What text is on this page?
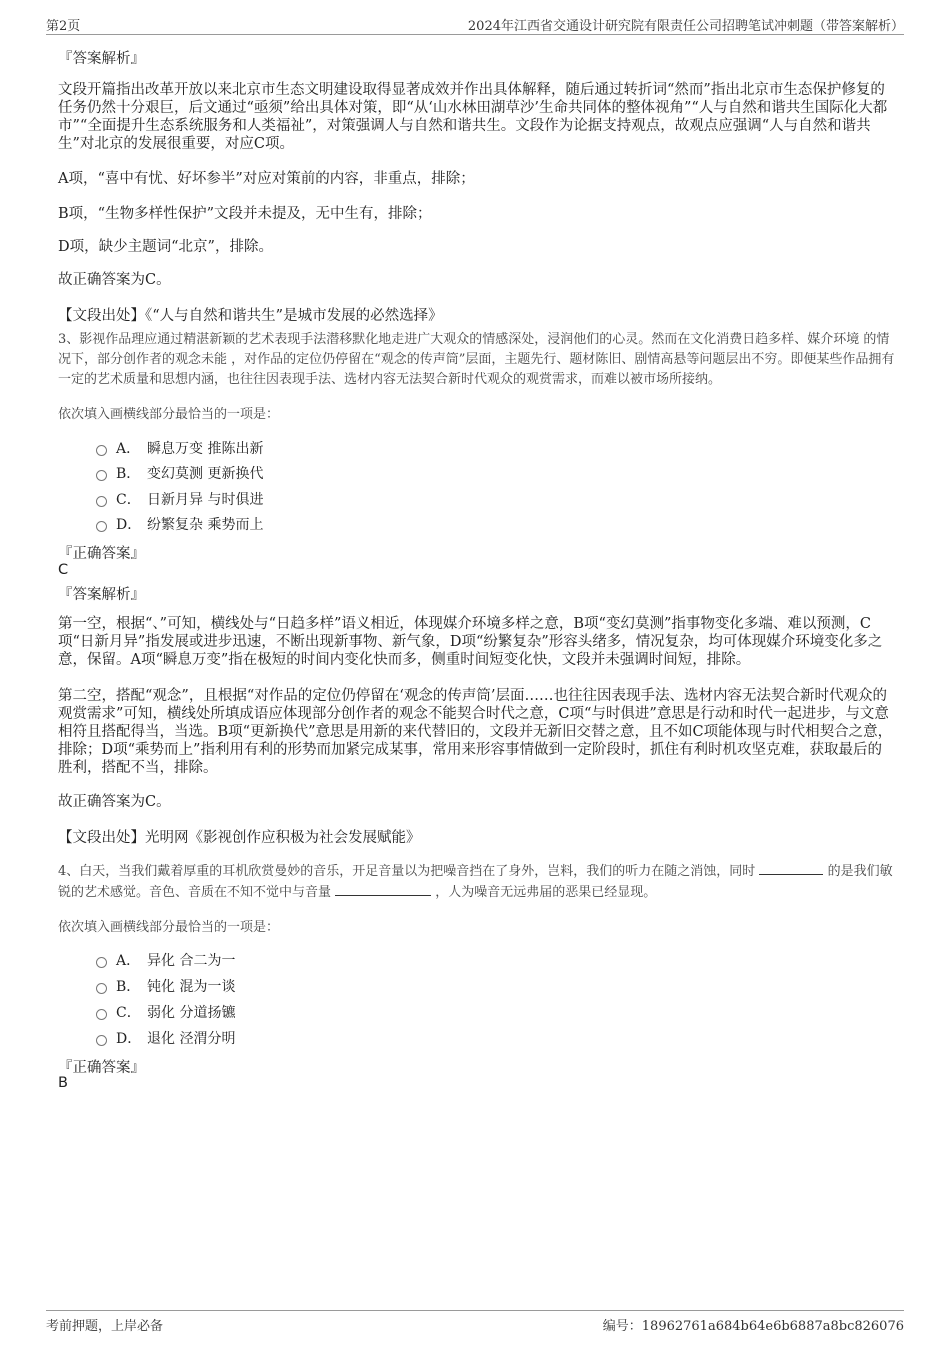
第2页	2024年江西省交通设计研究院有限责任公司招聘笔试冲刺题（带答案解析）
『答案解析』
文段开篇指出改革开放以来北京市生态文明建设取得显著成效并作出具体解释，随后通过转折词“然而”指出北京市生态保护修复的任务仍然十分艰巨，后文通过“亟须”给出具体对策，即“从‘山水林田湖草沙’生命共同体的整体视角”“人与自然和谐共生国际化大都市”“全面提升生态系统服务和人类福祉”，对策强调人与自然和谐共生。文段作为论据支持观点，故观点应强调“人与自然和谐共生”对北京的发展很重要，对应C项。
A项，“喜中有忧、好坏参半”对应对策前的内容，非重点，排除；
B项，“生物多样性保护”文段并未提及，无中生有，排除；
D项，缺少主题词“北京”，排除。
故正确答案为C。
【文段出处】《“人与自然和谐共生”是城市发展的必然选择》
3、影视作品理应通过精湛新颖的艺术表现手法潜移默化地走进广大观众的情感深处，浸润他们的心灵。然而在文化消费日趋多样、媒介环境 的情况下，部分创作者的观念未能 ，对作品的定位仍停留在“观念的传声筒”层面，主题先行、题材陈旧、剧情高悬等问题层出不穷。即便某些作品拥有一定的艺术质量和思想内涵，也往往因表现手法、选材内容无法契合新时代观众的观赏需求，而难以被市场所接纳。
依次填入画横线部分最恰当的一项是：
A． 瞬息万变 推陈出新
B． 变幻莫测 更新换代
C． 日新月异 与时俱进
D． 纷繁复杂 乘势而上
『正确答案』
C
『答案解析』
第一空，根据“、”可知，横线处与“日趋多样”语义相近，体现媒介环境多样之意，B项“变幻莫测”指事物变化多端、难以预测，C项“日新月异”指发展或进步迅速，不断出现新事物、新气象，D项“纷繁复杂”形容头绪多，情况复杂，均可体现媒介环境变化多之意，保留。A项“瞬息万变”指在极短的时间内变化快而多，侧重时间短变化快，文段并未强调时间短，排除。
第二空，搭配“观念”，且根据“对作品的定位仍停留在‘观念的传声筒’层面……也往往因表现手法、选材内容无法契合新时代观众的观赏需求”可知，横线处所填成语应体现部分创作者的观念不能契合时代之意，C项“与时俱进”意思是行动和时代一起进步，与文意相符且搭配得当，当选。B项“更新换代”意思是用新的来代替旧的，文段并无新旧交替之意，且不如C项能体现与时代相契合之意，排除；D项“乘势而上”指利用有利的形势而加紧完成某事，常用来形容事情做到一定阶段时，抓住有利时机攻坚克难，获取最后的胜利，搭配不当，排除。
故正确答案为C。
【文段出处】光明网《影视创作应积极为社会发展赋能》
4、白天，当我们戴着厚重的耳机欣赏曼妙的音乐，开足音量以为把噪音挡在了身外，岂料，我们的听力在随之消蚀，同时	的是我们敏锐的艺术感觉。音色、音质在不知不觉中与音量	，人为噪音无远弗届的恶果已经显现。
依次填入画横线部分最恰当的一项是：
A． 异化 合二为一
B． 钝化 混为一谈
C． 弱化 分道扬镳
D． 退化 泾渭分明
『正确答案』
B
考前押题，上岸必备	编号：18962761a684b64e6b6887a8bc826076
